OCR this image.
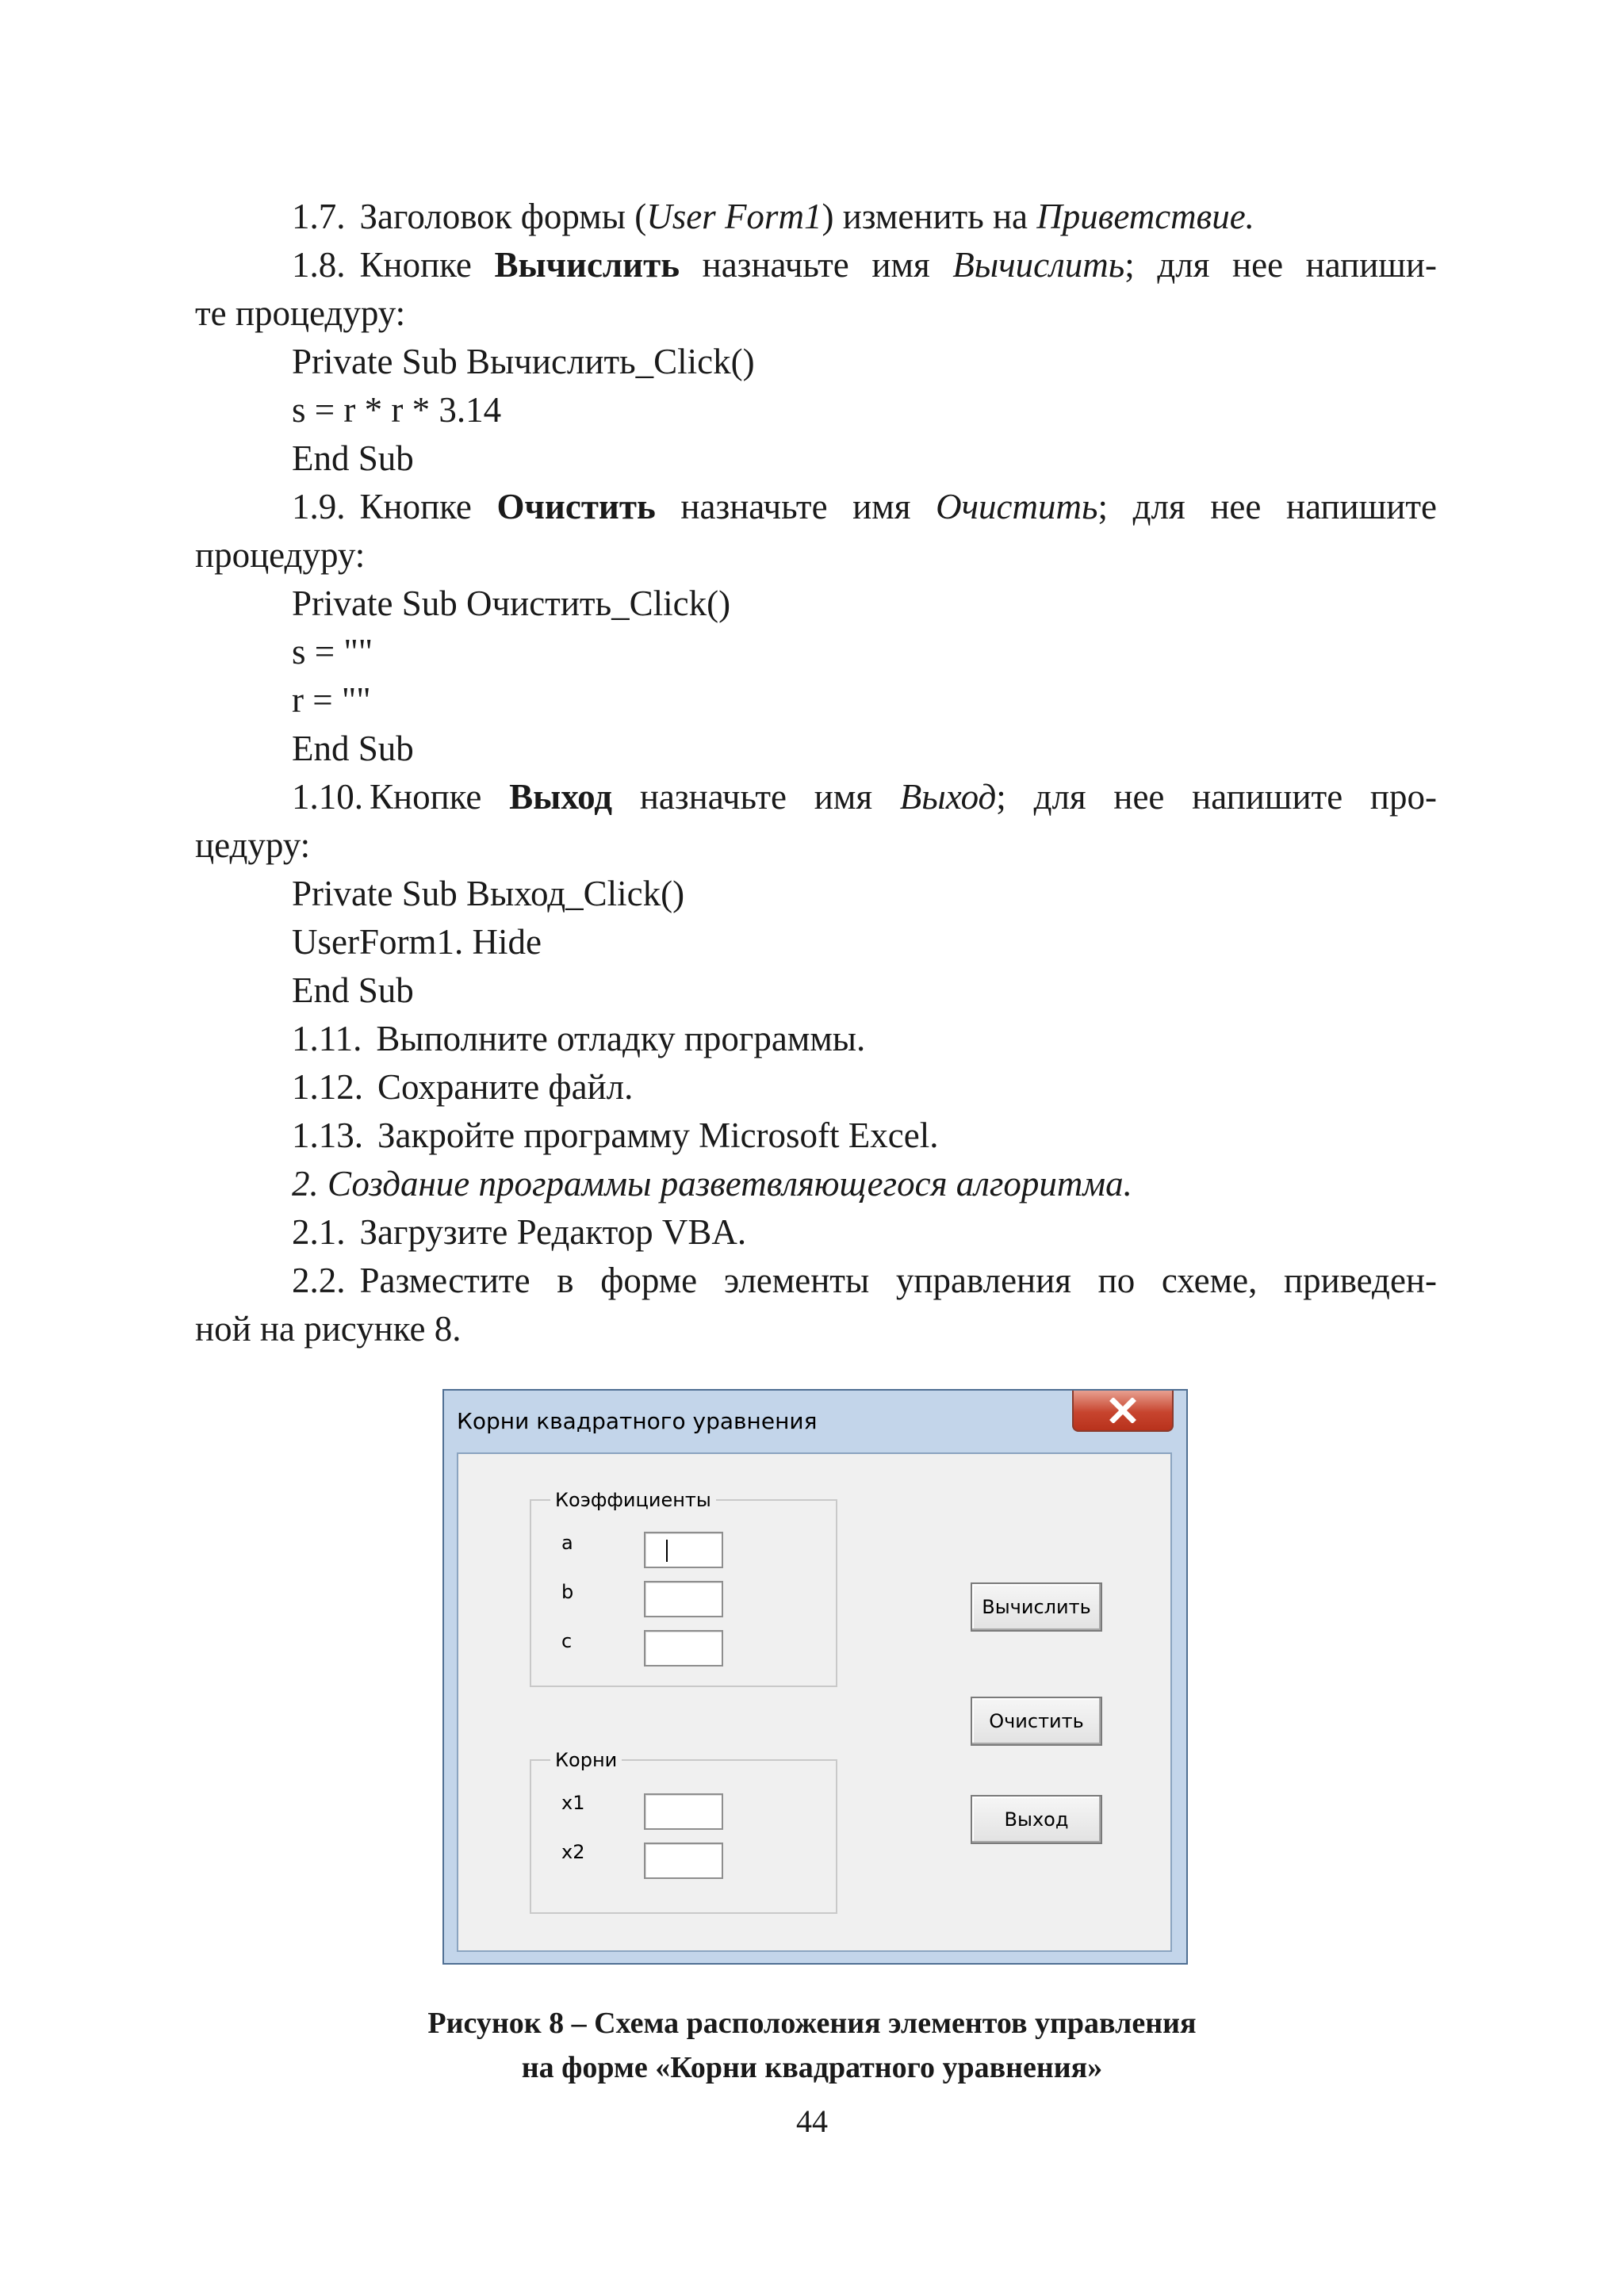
1.7. Заголовок формы (User Form1) изменить на Приветствие.
1.8. Кнопке Вычислить назначьте имя Вычислить; для нее напиши-
те процедуру:
Private Sub Вычислить_Click()
s = r * r * 3.14
End Sub
1.9. Кнопке Очистить назначьте имя Очистить; для нее напишите
процедуру:
Private Sub Очистить_Click()
s = ""
r = ""
End Sub
1.10. Кнопке Выход назначьте имя Выход; для нее напишите про-
цедуру:
Private Sub Выход_Click()
UserForm1. Hide
End Sub
1.11. Выполните отладку программы.
1.12. Сохраните файл.
1.13. Закройте программу Microsoft Excel.
2. Создание программы разветвляющегося алгоритма.
2.1. Загрузите Редактор VBA.
2.2. Разместите в форме элементы управления по схеме, приведен-
ной на рисунке 8.
Корни квадратного уравнения
Коэффициенты
a
b
c
Корни
x1
x2
Вычислить
Очистить
Выход
Рисунок 8 – Схема расположения элементов управления
на форме «Корни квадратного уравнения»
44
